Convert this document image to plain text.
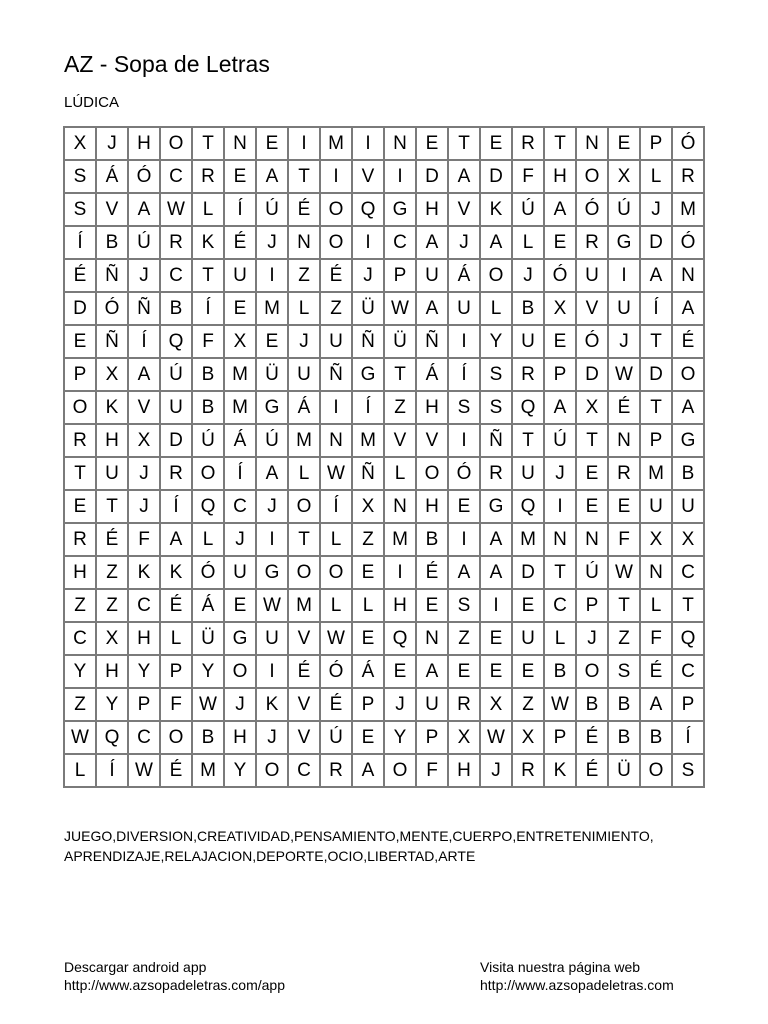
AZ - Sopa de Letras
LÚDICA
X	J	H O T	N E	I	M	I	N E	T	E R	T	N E	P Ó
S	Á Ó C R E	A	T	I	V	I	D A D	F	H O X	L	R
S	V	A W L	Í	Ú É O Q G H V	K Ú A Ó Ú	J	M
Í	B Ú R K	É	J	N O	I	C A	J	A	L	E R G D Ó
É Ñ	J	C	T	U	I	Z	É	J	P U Á O	J	Ó U	I	A N
D Ó Ñ B	Í	E M L	Z	Ü W A U	L	B	X	V U	Í	A
E Ñ	Í	Q F	X	E	J	U Ñ Ü Ñ	I	Y U E Ó	J	T	É
P	X	A Ú B M Ü U Ñ G T	Á	Í	S R P D W D O
O K	V U B M G Á	I	Í	Z	H S	S Q A	X	É	T	A
R H X D Ú Á Ú M N M V	V	I	Ñ	T	Ú	T	N P G
T	U	J	R O	Í	A	L W Ñ	L	O Ó R U	J	E R M B
E	T	J	Í	Q C	J	O	Í	X N H E G Q	I	E	E U U
R É	F	A	L	J	I	T	L	Z M B	I	A M N N	F	X	X
H	Z	K	K Ó U G O O E	I	É	A	A D	T	Ú W N C
Z	Z	C É	Á	E W M L	L	H E	S	I	E C P	T	L	T
C X H	L	Ü G U V W E Q N	Z	E U	L	J	Z	F Q
Y H Y	P	Y O	I	É Ó Á	E	A	E	E	E	B O S	É C
Z	Y	P	F W J	K	V	É	P	J	U R X	Z W B	B	A	P
W Q C O B H	J	V Ú E	Y	P	X W X	P	É	B	B	Í
L	Í	W É M Y O C R A O F	H	J	R K	É Ü O S
JUEGO,DIVERSION,CREATIVIDAD,PENSAMIENTO,MENTE,CUERPO,ENTRETENIMIENTO,
APRENDIZAJE,RELAJACION,DEPORTE,OCIO,LIBERTAD,ARTE
Descargar android app
http://www.azsopadeletras.com/app
Visita nuestra página web
http://www.azsopadeletras.com
